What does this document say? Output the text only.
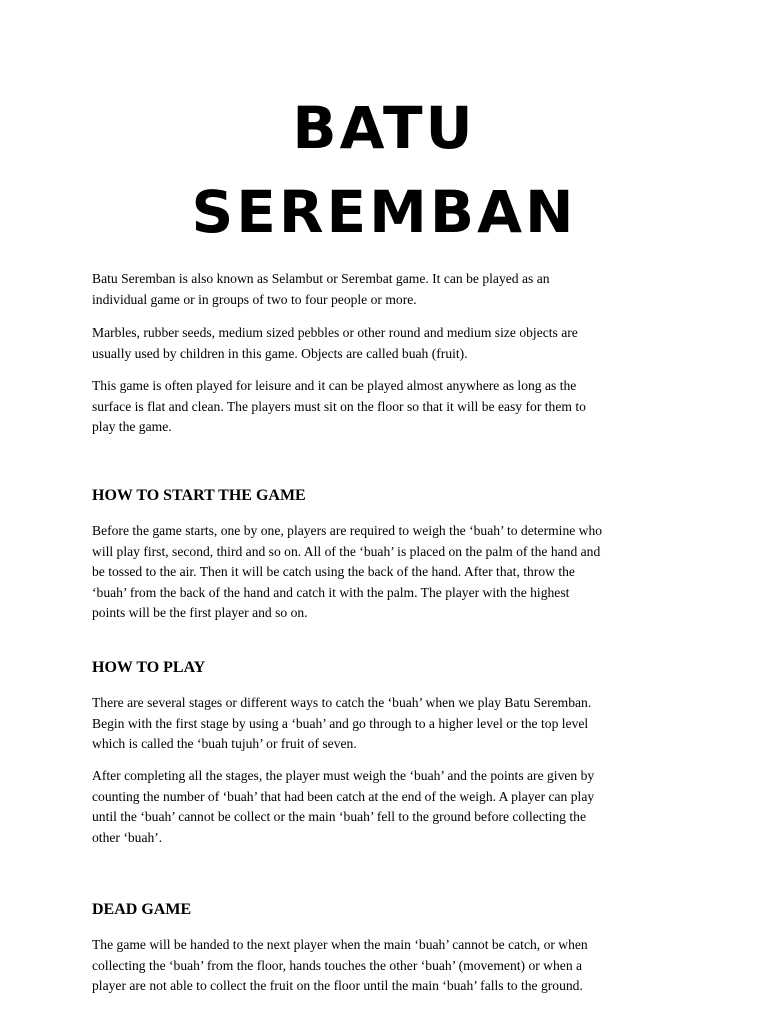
BATU
SEREMBAN

Batu Seremban is also known as Selambut or Serembat game. It can be played as an
individual game or in groups of two to four people or more.

Marbles, rubber seeds, medium sized pebbles or other round and medium size objects are
usually used by children in this game. Objects are called buah (fruit).

This game is often played for leisure and it can be played almost anywhere as long as the
surface is flat and clean. The players must sit on the floor so that it will be easy for them to
play the game.

HOW TO START THE GAME

Before the game starts, one by one, players are required to weigh the ‘buah’ to determine who
will play first, second, third and so on. All of the ‘buah’ is placed on the palm of the hand and
be tossed to the air. Then it will be catch using the back of the hand. After that, throw the
‘buah’ from the back of the hand and catch it with the palm. The player with the highest
points will be the first player and so on.

HOW TO PLAY

There are several stages or different ways to catch the ‘buah’ when we play Batu Seremban.
Begin with the first stage by using a ‘buah’ and go through to a higher level or the top level
which is called the ‘buah tujuh’ or fruit of seven.

After completing all the stages, the player must weigh the ‘buah’ and the points are given by
counting the number of ‘buah’ that had been catch at the end of the weigh. A player can play
until the ‘buah’ cannot be collect or the main ‘buah’ fell to the ground before collecting the
other ‘buah’.

DEAD GAME

The game will be handed to the next player when the main ‘buah’ cannot be catch, or when
collecting the ‘buah’ from the floor, hands touches the other ‘buah’ (movement) or when a
player are not able to collect the fruit on the floor until the main ‘buah’ falls to the ground.
